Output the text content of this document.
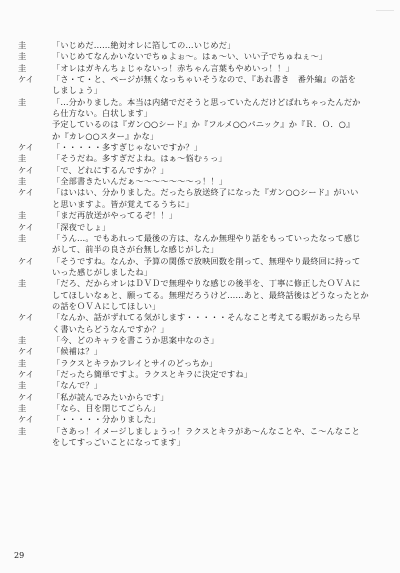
圭	「いじめだ……絶対オレに箔しての…いじめだ」
圭	「いじめてなんかいないでちゅよぉ〜。はぁ〜い、いい子でちゅねぇ〜」
圭	「オレはガキんちょじゃないっ！赤ちゃん言葉もやめいっ！！」
ケイ	「さ・て・と、ページが無くなっちゃいそうなので、『あれ書き　番外編』の話を
しましょう」
圭	「…分かりました。本当は内緒でだそうと思っていたんだけどばれちゃったんだか
ら仕方ない。白状します」
予定しているのは『ガン○○シード』か『フルメ○○パニック』か『Ｒ．Ｏ．○』
か『カレ○○スター』かな」
ケイ	「・・・・・多すぎじゃないですか？」
圭	「そうだね。多すぎだよね。はぁ〜悩むぅっ」
ケイ	「で、どれにするんですか？」
圭	「全部書きたいんだぁ〜〜〜〜〜〜〜っ！！」
ケイ	「はいはい、分かりました。だったら放送終了になった『ガン○○シード』がいい
と思いますよ。皆が覚えてるうちに」
圭	「まだ再放送がやってるぞ！！」
ケイ	「深夜でしょ」
圭	「うん…。でもあれって最後の方は、なんか無理やり話をもっていったなって感じ
がして、前半の良さが台無しな感じがした」
ケイ	「そうですね。なんか、予算の関係で放映回数を削って、無理やり最終回に持って
いった感じがしましたね」
圭	「だろ、だからオレはＤＶＤで無理やりな感じの後半を、丁寧に修正したＯＶＡに
してほしいなぁと、願ってる。無理だろうけど……あと、最終話後はどうなったとか
の話をＯＶＡにしてほしい」
ケイ	「なんか、話がずれてる気がします・・・・・そんなこと考えてる暇があったら早
く書いたらどうなんですか？」
圭	「今、どのキャラを書こうか思案中なのさ」
ケイ	「候補は？」
圭	「ラクスとキラかフレイとサイのどっちか」
ケイ	「だったら簡単ですよ。ラクスとキラに決定ですね」
圭	「なんで？」
ケイ	「私が読んでみたいからです」
圭	「なら、目を閉じてごらん」
ケイ	「・・・・・分かりました」
圭	「さあっ！イメージしましょうっ！ラクスとキラがあ〜んなことや、こ〜んなこと
をしてすっごいことになってます」
29
